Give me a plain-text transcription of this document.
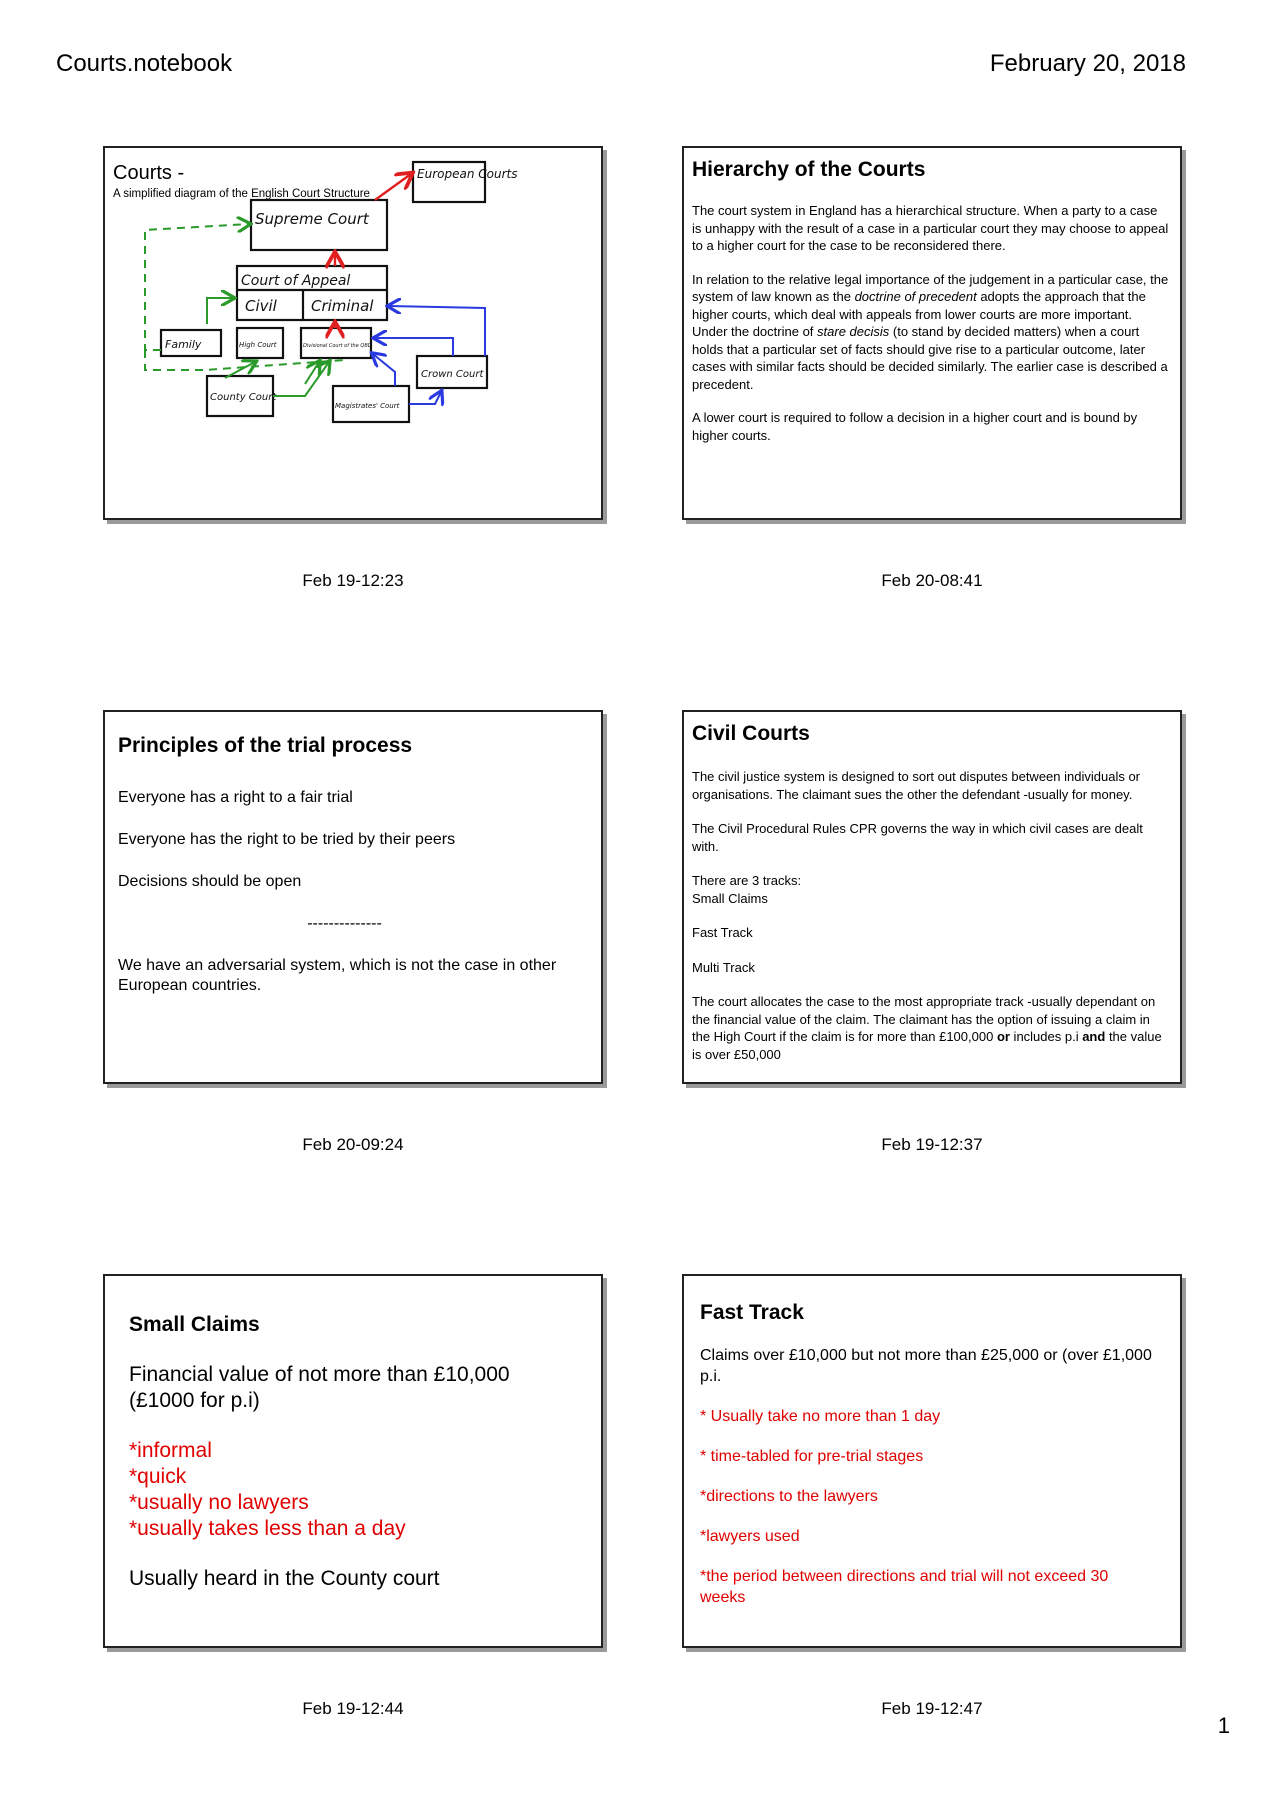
Courts.notebook	February 20, 2018
Courts -
A simplified diagram of the English Court Structure
European Courts
Supreme Court
Court of Appeal
Civil Criminal
Family	High Court	Divisional Court of the QBD
Crown Court
County Court
Magistrates' Court
Feb 19-12:23
Hierarchy of the Courts

The court system in England has a hierarchical structure. When a party to a case is unhappy with the result of a case in a particular court they may choose to appeal to a higher court for the case to be reconsidered there.

In relation to the relative legal importance of the judgement in a particular case, the system of law known as the doctrine of precedent adopts the approach that the higher courts, which deal with appeals from lower courts are more important. Under the doctrine of stare decisis (to stand by decided matters) when a court holds that a particular set of facts should give rise to a particular outcome, later cases with similar facts should be decided similarly. The earlier case is described a precedent.

A lower court is required to follow a decision in a higher court and is bound by higher courts.

Feb 20-08:41
Principles of the trial process

Everyone has a right to a fair trial

Everyone has the right to be tried by their peers

Decisions should be open

--------------

We have an adversarial system, which is not the case in other European countries.

Feb 20-09:24
Civil Courts

The civil justice system is designed to sort out disputes between individuals or organisations. The claimant sues the other the defendant -usually for money.

The Civil Procedural Rules CPR governs the way in which civil cases are dealt with.

There are 3 tracks:
Small Claims

Fast Track

Multi Track

The court allocates the case to the most appropriate track -usually dependant on the financial value of the claim. The claimant has the option of issuing a claim in the High Court if the claim is for more than £100,000 or includes p.i and the value is over £50,000

Feb 19-12:37
Small Claims

Financial value of not more than £10,000 (£1000 for p.i)

*informal
*quick
*usually no lawyers
*usually takes less than a day

Usually heard in the County court

Feb 19-12:44
Fast Track

Claims over £10,000 but not more than £25,000 or (over £1,000 p.i.

* Usually take no more than 1 day

* time-tabled for pre-trial stages

*directions to the lawyers

*lawyers used

*the period between directions and trial will not exceed 30 weeks

Feb 19-12:47
1
